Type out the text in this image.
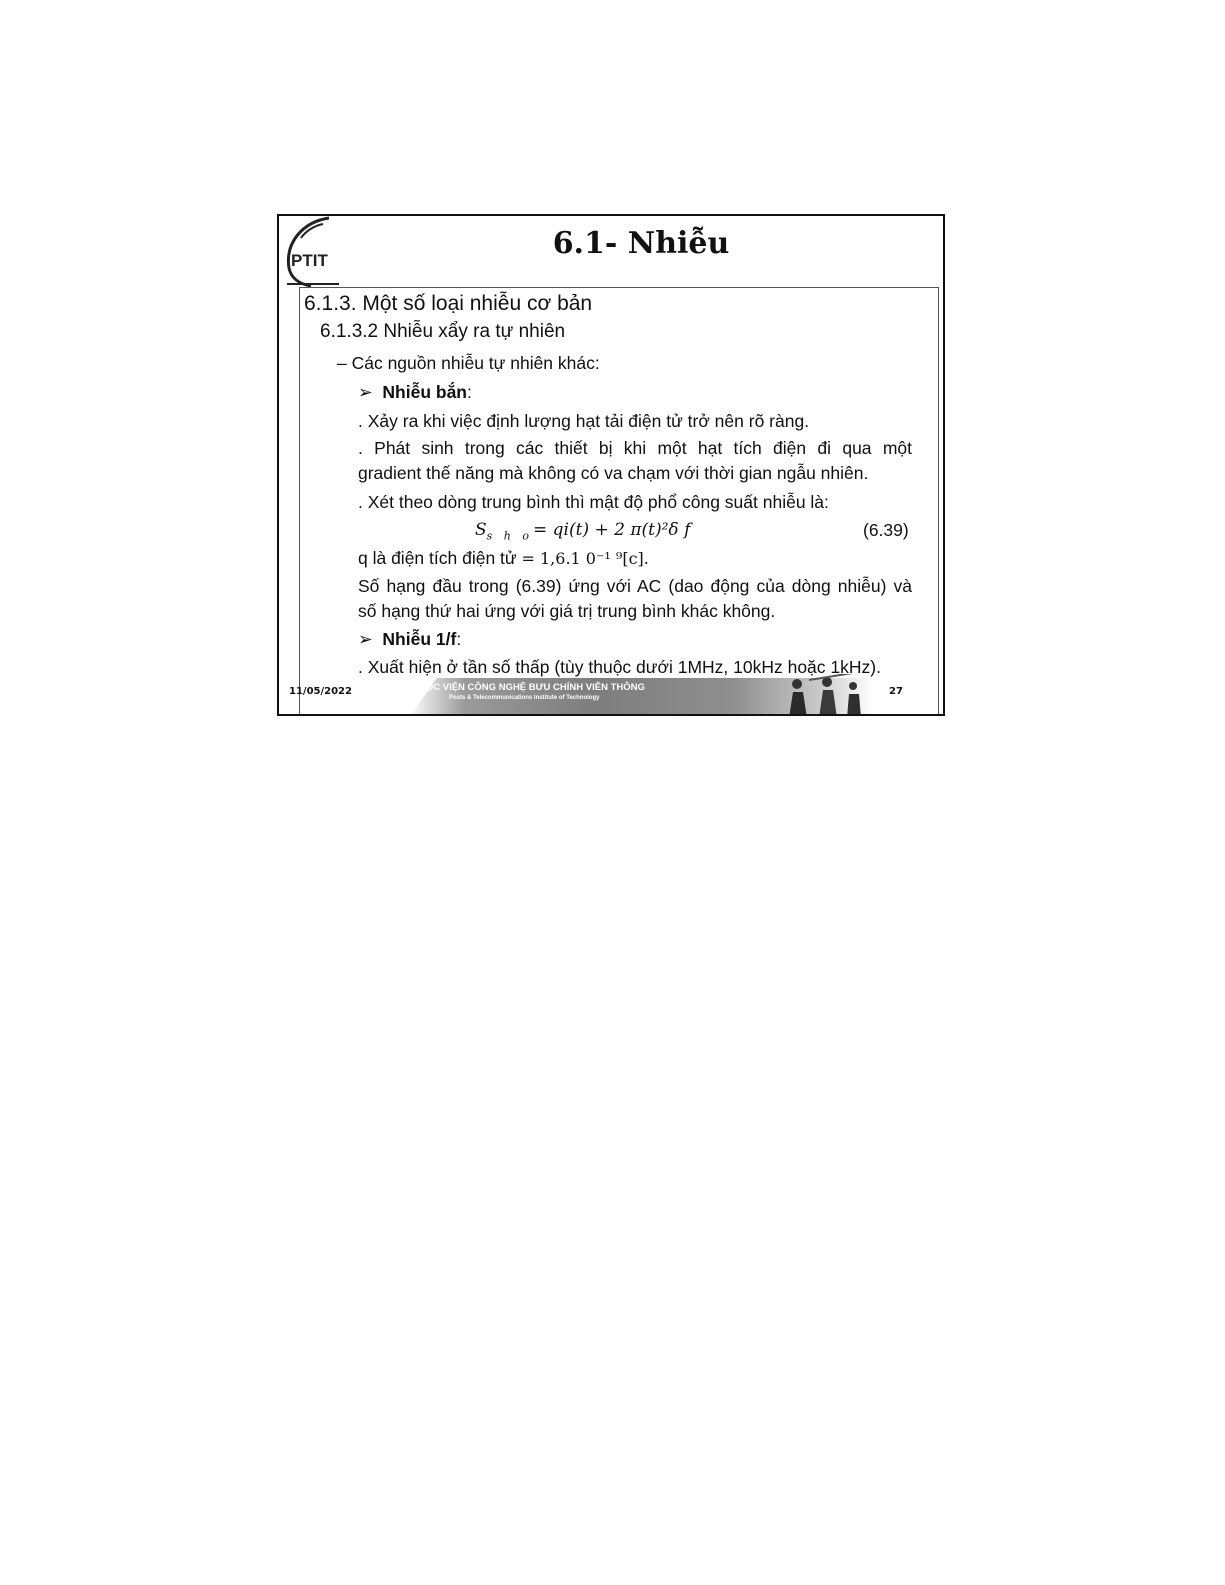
PTIT	6.1- Nhiễu
6.1.3. Một số loại nhiễu cơ bản
6.1.3.2 Nhiễu xẩy ra tự nhiên
– Các nguồn nhiễu tự nhiên khác:
➢ Nhiễu bắn:
. Xảy ra khi việc định lượng hạt tải điện tử trở nên rõ ràng.
. Phát sinh trong các thiết bị khi một hạt tích điện đi qua một
gradient thế năng mà không có va chạm với thời gian ngẫu nhiên.
. Xét theo dòng trung bình thì mật độ phổ công suất nhiễu là:
$S_{s h o}= qi(t) + 2$ π(t)²δ f	(6.39)
q là điện tích điện tử = 1,6.1 0⁻¹ ⁹[c].
Số hạng đầu trong (6.39) ứng với AC (dao động của dòng nhiễu) và
số hạng thứ hai ứng với giá trị trung bình khác không.
➢ Nhiễu 1/f:
. Xuất hiện ở tần số thấp (tùy thuộc dưới 1MHz, 10kHz hoặc 1kHz).
11/05/2022	HỌC VIỆN CÔNG NGHỆ BƯU CHÍNH VIỄN THÔNG
Posts & Telecommunications Institute of Technology
27
